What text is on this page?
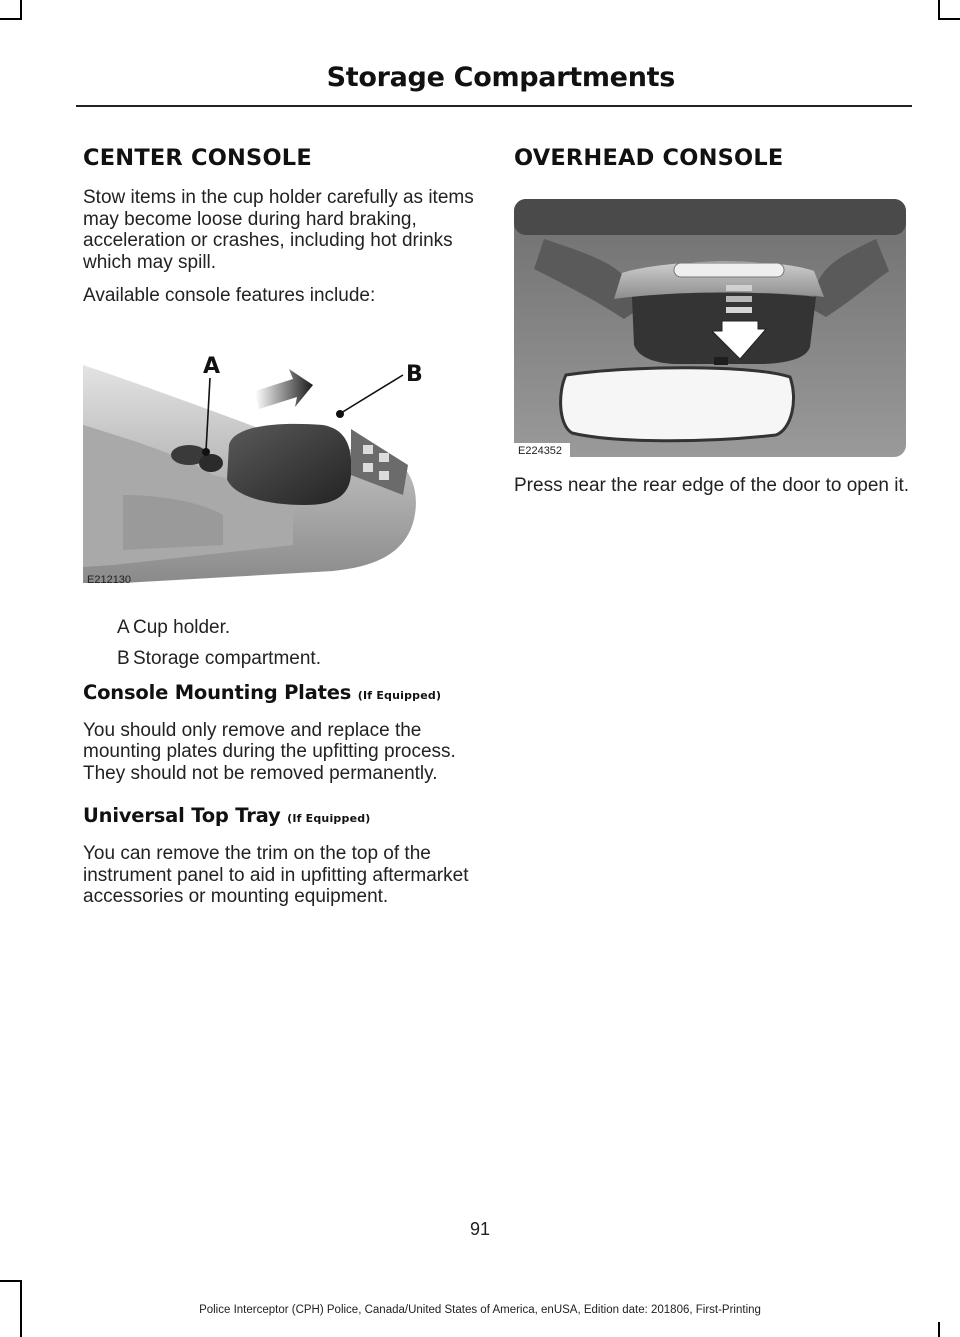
Storage Compartments
CENTER CONSOLE

Stow items in the cup holder carefully as items may become loose during hard braking, acceleration or crashes, including hot drinks which may spill.

Available console features include:

A	B
E212130
A Cup holder.
B Storage compartment.
Console Mounting Plates (If Equipped)

You should only remove and replace the mounting plates during the upfitting process. They should not be removed permanently.

Universal Top Tray (If Equipped)

You can remove the trim on the top of the instrument panel to aid in upfitting aftermarket accessories or mounting equipment.

OVERHEAD CONSOLE
E224352

Press near the rear edge of the door to open it.

91
Police Interceptor (CPH) Police, Canada/United States of America, enUSA, Edition date: 201806, First-Printing
